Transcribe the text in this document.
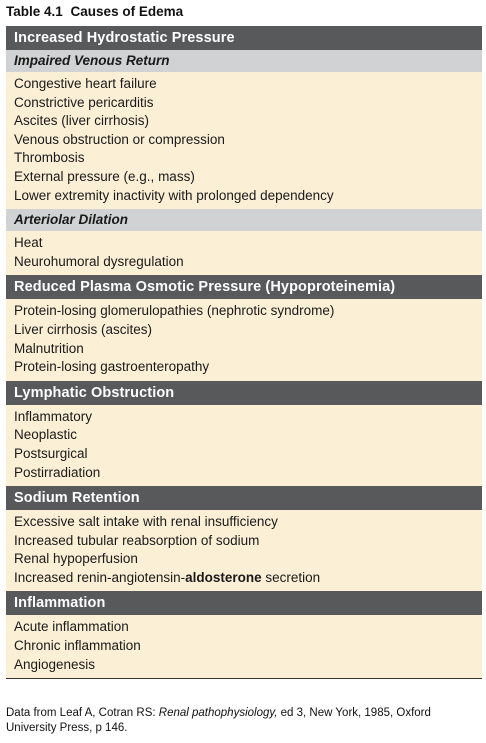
Table 4.1 Causes of Edema
Increased Hydrostatic Pressure
Impaired Venous Return
Congestive heart failure
Constrictive pericarditis
Ascites (liver cirrhosis)
Venous obstruction or compression
Thrombosis
External pressure (e.g., mass)
Lower extremity inactivity with prolonged dependency
Arteriolar Dilation
Heat
Neurohumoral dysregulation
Reduced Plasma Osmotic Pressure (Hypoproteinemia)
Protein-losing glomerulopathies (nephrotic syndrome)
Liver cirrhosis (ascites)
Malnutrition
Protein-losing gastroenteropathy
Lymphatic Obstruction
Inflammatory
Neoplastic
Postsurgical
Postirradiation
Sodium Retention
Excessive salt intake with renal insufficiency
Increased tubular reabsorption of sodium
Renal hypoperfusion
Increased renin-angiotensin-aldosterone secretion
Inflammation
Acute inflammation
Chronic inflammation
Angiogenesis
Data from Leaf A, Cotran RS: Renal pathophysiology, ed 3, New York, 1985, Oxford University Press, p 146.
